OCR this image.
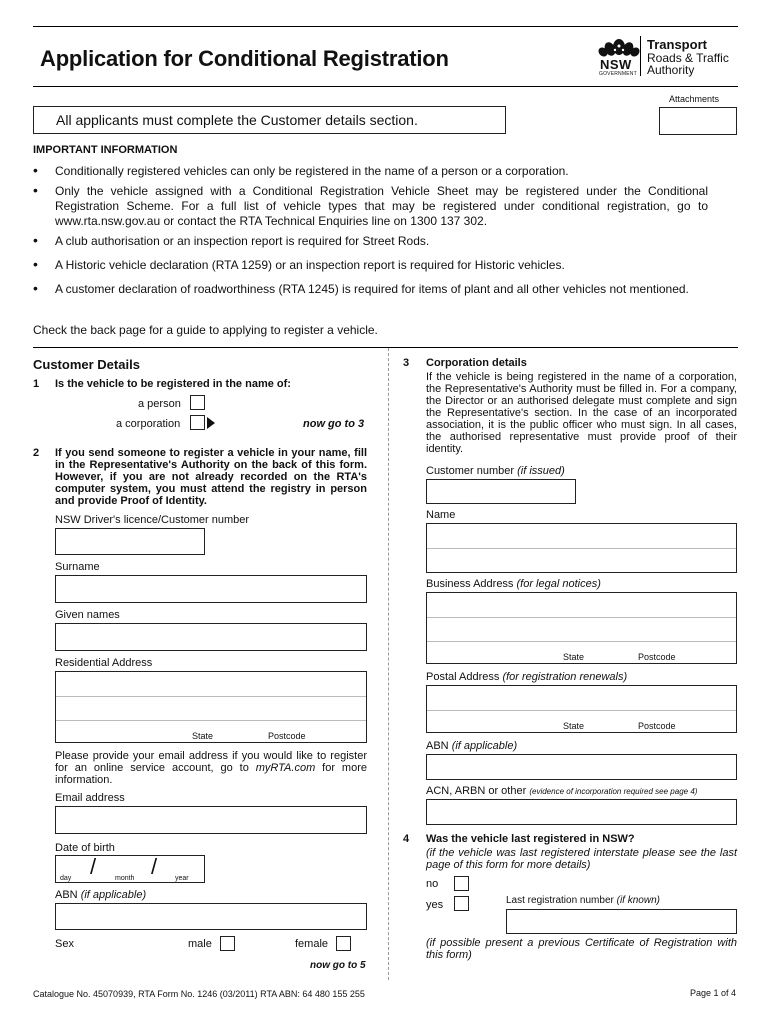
Application for Conditional Registration	NSW
GOVERNMENT
Transport
Roads & Traffic
Authority
Attachments
All applicants must complete the Customer details section.
IMPORTANT INFORMATION
• Conditionally registered vehicles can only be registered in the name of a person or a corporation.
• Only the vehicle assigned with a Conditional Registration Vehicle Sheet may be registered under the Conditional Registration Scheme. For a full list of vehicle types that may be registered under conditional registration, go to www.rta.nsw.gov.au or contact the RTA Technical Enquiries line on 1300 137 302.
• A club authorisation or an inspection report is required for Street Rods.
• A Historic vehicle declaration (RTA 1259) or an inspection report is required for Historic vehicles.
• A customer declaration of roadworthiness (RTA 1245) is required for items of plant and all other vehicles not mentioned.
Check the back page for a guide to applying to register a vehicle.
Customer Details
1 Is the vehicle to be registered in the name of:
a person
a corporation	now go to 3
2 If you send someone to register a vehicle in your name, fill in the Representative's Authority on the back of this form. However, if you are not already recorded on the RTA's computer system, you must attend the registry in person and provide Proof of Identity.
NSW Driver's licence/Customer number
Surname
Given names
Residential Address
State	Postcode
Please provide your email address if you would like to register for an online service account, go to myRTA.com for more information.
Email address
Date of birth
/ /
day	month	year
ABN (if applicable)
Sex	male	female
now go to 5
3 Corporation details
If the vehicle is being registered in the name of a corporation, the Representative's Authority must be filled in. For a company, the Director or an authorised delegate must complete and sign the Representative's section. In the case of an incorporated association, it is the public officer who must sign. In all cases, the authorised representative must provide proof of their identity.
Customer number (if issued)
Name
Business Address (for legal notices)
State	Postcode
Postal Address (for registration renewals)
State	Postcode
ABN (if applicable)
ACN, ARBN or other (evidence of incorporation required see page 4)
4 Was the vehicle last registered in NSW?
(if the vehicle was last registered interstate please see the last page of this form for more details)
no
yes	Last registration number (if known)
(if possible present a previous Certificate of Registration with this form)
Catalogue No. 45070939, RTA Form No. 1246 (03/2011) RTA ABN: 64 480 155 255	Page 1 of 4
